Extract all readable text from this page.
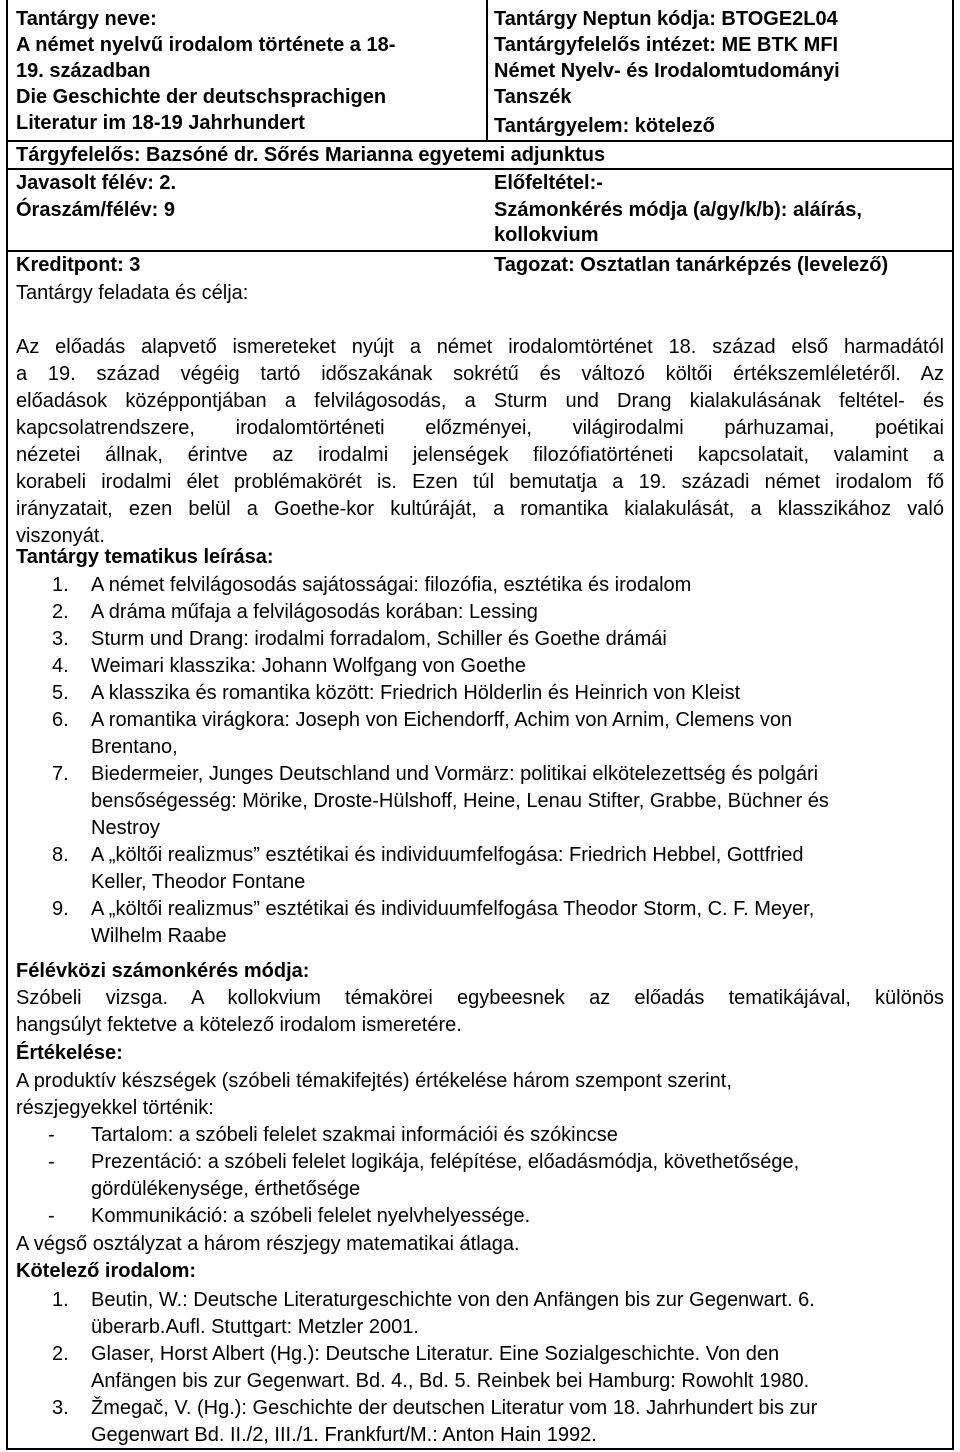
Tantárgy neve:
A német nyelvű irodalom története a 18-
19. században
Die Geschichte der deutschsprachigen
Literatur im 18-19 Jahrhundert
Tantárgy Neptun kódja: BTOGE2L04
Tantárgyfelelős intézet: ME BTK MFI
Német Nyelv- és Irodalomtudományi
Tanszék
Tantárgyelem: kötelező
Tárgyfelelős: Bazsóné dr. Sőrés Marianna egyetemi adjunktus
Javasolt félév: 2.	Előfeltétel:-
Óraszám/félév: 9	Számonkérés módja (a/gy/k/b): aláírás,
kollokvium
Kreditpont: 3	Tagozat: Osztatlan tanárképzés (levelező)
Tantárgy feladata és célja:
Az előadás alapvető ismereteket nyújt a német irodalomtörténet 18. század első harmadától
a 19. század végéig tartó időszakának sokrétű és változó költői értékszemléletéről. Az
előadások középpontjában a felvilágosodás, a Sturm und Drang kialakulásának feltétel- és
kapcsolatrendszere, irodalomtörténeti előzményei, világirodalmi párhuzamai, poétikai
nézetei állnak, érintve az irodalmi jelenségek filozófiatörténeti kapcsolatait, valamint a
korabeli irodalmi élet problémakörét is. Ezen túl bemutatja a 19. századi német irodalom fő
irányzatait, ezen belül a Goethe-kor kultúráját, a romantika kialakulását, a klasszikához való
viszonyát.
Tantárgy tematikus leírása:
1. A német felvilágosodás sajátosságai: filozófia, esztétika és irodalom
2. A dráma műfaja a felvilágosodás korában: Lessing
3. Sturm und Drang: irodalmi forradalom, Schiller és Goethe drámái
4. Weimari klasszika: Johann Wolfgang von Goethe
5. A klasszika és romantika között: Friedrich Hölderlin és Heinrich von Kleist
6. A romantika virágkora: Joseph von Eichendorff, Achim von Arnim, Clemens von
Brentano,
7. Biedermeier, Junges Deutschland und Vormärz: politikai elkötelezettség és polgári
bensőségesség: Mörike, Droste-Hülshoff, Heine, Lenau Stifter, Grabbe, Büchner és
Nestroy
8. A „költői realizmus” esztétikai és individuumfelfogása: Friedrich Hebbel, Gottfried
Keller, Theodor Fontane
9. A „költői realizmus” esztétikai és individuumfelfogása Theodor Storm, C. F. Meyer,
Wilhelm Raabe
Félévközi számonkérés módja:
Szóbeli vizsga. A kollokvium témakörei egybeesnek az előadás tematikájával, különös
hangsúlyt fektetve a kötelező irodalom ismeretére.
Értékelése:
A produktív készségek (szóbeli témakifejtés) értékelése három szempont szerint,
részjegyekkel történik:
- Tartalom: a szóbeli felelet szakmai információi és szókincse
- Prezentáció: a szóbeli felelet logikája, felépítése, előadásmódja, követhetősége,
gördülékenysége, érthetősége
- Kommunikáció: a szóbeli felelet nyelvhelyessége.
A végső osztályzat a három részjegy matematikai átlaga.
Kötelező irodalom:
1. Beutin, W.: Deutsche Literaturgeschichte von den Anfängen bis zur Gegenwart. 6.
überarb.Aufl. Stuttgart: Metzler 2001.
2. Glaser, Horst Albert (Hg.): Deutsche Literatur. Eine Sozialgeschichte. Von den
Anfängen bis zur Gegenwart. Bd. 4., Bd. 5. Reinbek bei Hamburg: Rowohlt 1980.
3. Žmegač, V. (Hg.): Geschichte der deutschen Literatur vom 18. Jahrhundert bis zur
Gegenwart Bd. II./2, III./1. Frankfurt/M.: Anton Hain 1992.
